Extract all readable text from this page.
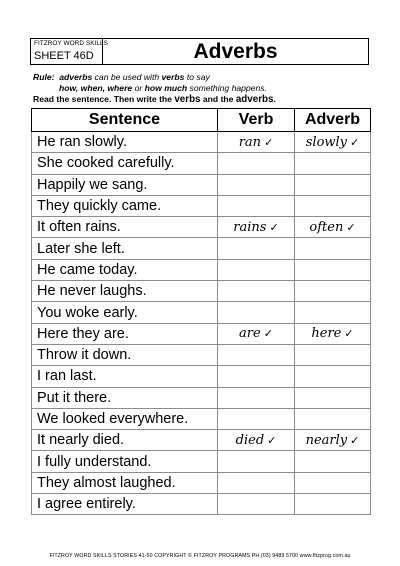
FITZROY WORD SKILLS
SHEET 46D	Adverbs
Rule: adverbs can be used with verbs to say
how, when, where or how much something happens.
Read the sentence. Then write the verbs and the adverbs.
Sentence	Verb	Adverb
He ran slowly.	ran ✓	slowly ✓
She cooked carefully.		
Happily we sang.		
They quickly came.		
It often rains.	rains ✓	often ✓
Later she left.		
He came today.		
He never laughs.		
You woke early.		
Here they are.	are ✓	here ✓
Throw it down.		
I ran last.		
Put it there.		
We looked everywhere.		
It nearly died.	died ✓	nearly ✓
I fully understand.		
They almost laughed.		
I agree entirely.		
FITZROY WORD SKILLS STORIES 41-50 COPYRIGHT © FITZROY PROGRAMS PH (03) 9489 5700 www.fitzprog.com.au
